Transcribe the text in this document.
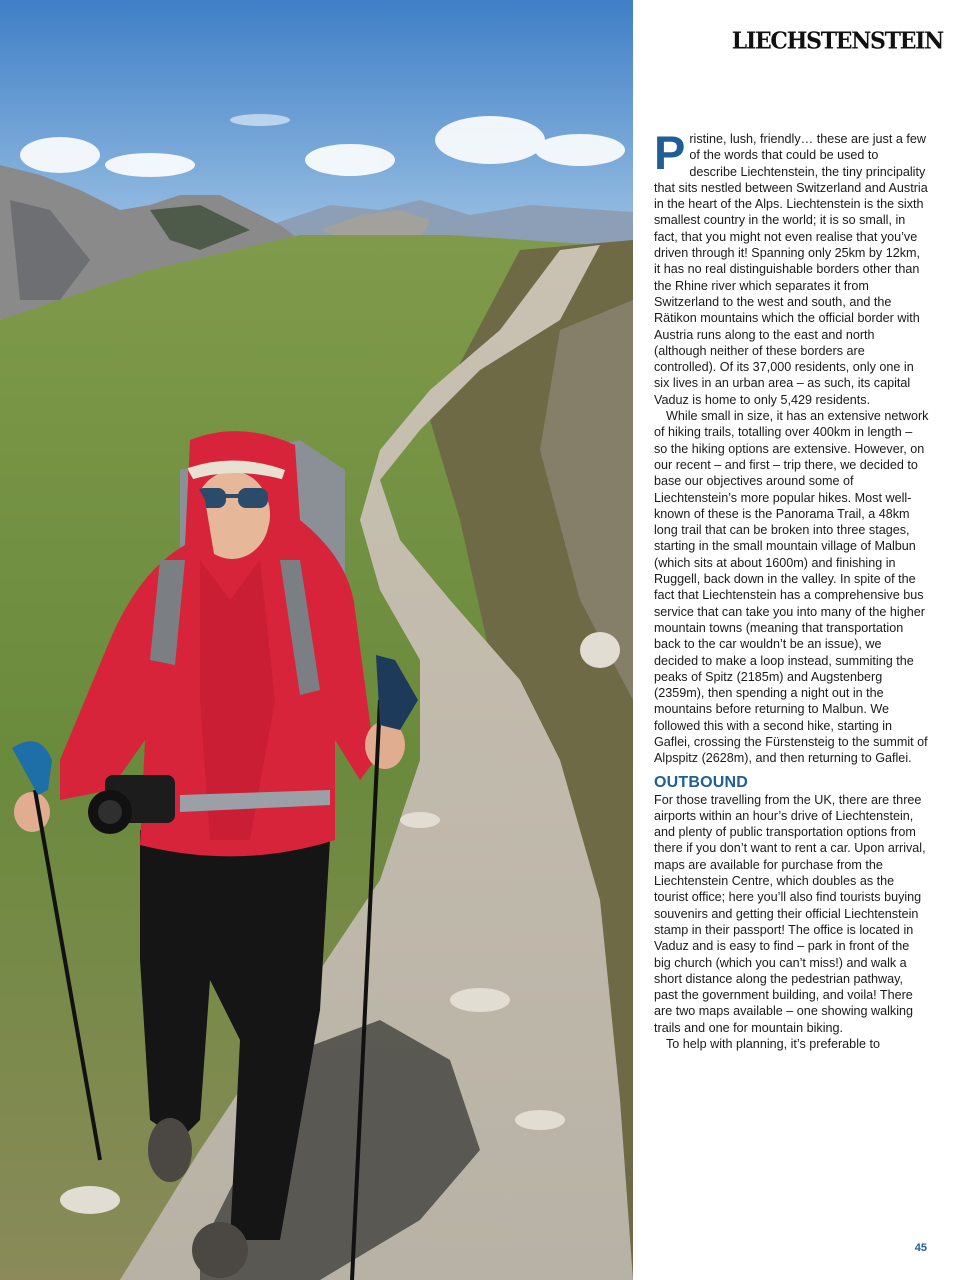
LIECHSTENSTEIN

Pristine, lush, friendly… these are just a few of the words that could be used to describe Liechtenstein, the tiny principality that sits nestled between Switzerland and Austria in the heart of the Alps. Liechtenstein is the sixth smallest country in the world; it is so small, in fact, that you might not even realise that you’ve driven through it! Spanning only 25km by 12km, it has no real distinguishable borders other than the Rhine river which separates it from Switzerland to the west and south, and the Rätikon mountains which the official border with Austria runs along to the east and north (although neither of these borders are controlled). Of its 37,000 residents, only one in six lives in an urban area – as such, its capital Vaduz is home to only 5,429 residents.

While small in size, it has an extensive network of hiking trails, totalling over 400km in length – so the hiking options are extensive. However, on our recent – and first – trip there, we decided to base our objectives around some of Liechtenstein’s more popular hikes. Most well-known of these is the Panorama Trail, a 48km long trail that can be broken into three stages, starting in the small mountain village of Malbun (which sits at about 1600m) and finishing in Ruggell, back down in the valley. In spite of the fact that Liechtenstein has a comprehensive bus service that can take you into many of the higher mountain towns (meaning that transportation back to the car wouldn’t be an issue), we decided to make a loop instead, summiting the peaks of Spitz (2185m) and Augstenberg (2359m), then spending a night out in the mountains before returning to Malbun. We followed this with a second hike, starting in Gaflei, crossing the Fürstensteig to the summit of Alpspitz (2628m), and then returning to Gaflei.

OUTBOUND

For those travelling from the UK, there are three airports within an hour’s drive of Liechtenstein, and plenty of public transportation options from there if you don’t want to rent a car. Upon arrival, maps are available for purchase from the Liechtenstein Centre, which doubles as the tourist office; here you’ll also find tourists buying souvenirs and getting their official Liechtenstein stamp in their passport! The office is located in Vaduz and is easy to find – park in front of the big church (which you can’t miss!) and walk a short distance along the pedestrian pathway, past the government building, and voila! There are two maps available – one showing walking trails and one for mountain biking.

To help with planning, it’s preferable to

45
